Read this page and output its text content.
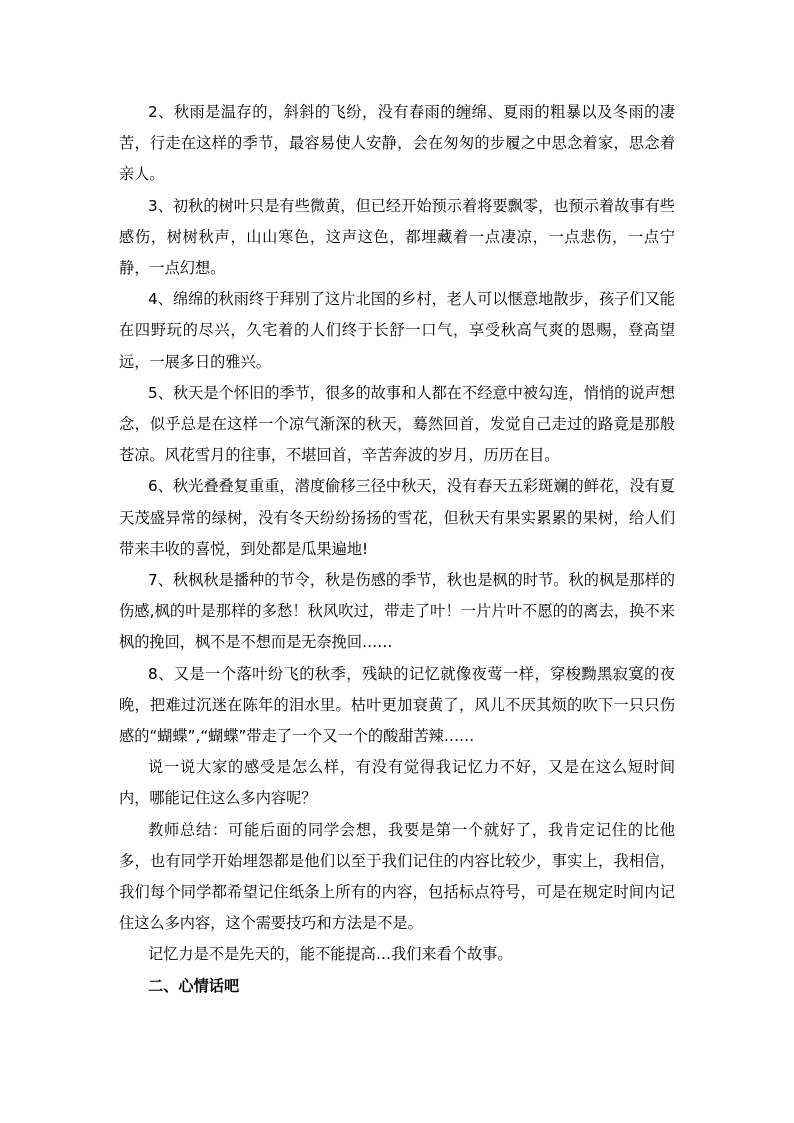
2、秋雨是温存的，斜斜的飞纷，没有春雨的缠绵、夏雨的粗暴以及冬雨的凄苦，行走在这样的季节，最容易使人安静，会在匆匆的步履之中思念着家，思念着亲人。

3、初秋的树叶只是有些微黄，但已经开始预示着将要飘零，也预示着故事有些感伤，树树秋声，山山寒色，这声这色，都埋藏着一点凄凉，一点悲伤，一点宁静，一点幻想。

4、绵绵的秋雨终于拜别了这片北国的乡村，老人可以惬意地散步，孩子们又能在四野玩的尽兴，久宅着的人们终于长舒一口气，享受秋高气爽的恩赐，登高望远，一展多日的雅兴。

5、秋天是个怀旧的季节，很多的故事和人都在不经意中被勾连，悄悄的说声想念，似乎总是在这样一个凉气渐深的秋天，蓦然回首，发觉自己走过的路竟是那般苍凉。风花雪月的往事，不堪回首，辛苦奔波的岁月，历历在目。

6、秋光叠叠复重重，潜度偷移三径中秋天，没有春天五彩斑斓的鲜花，没有夏天茂盛异常的绿树，没有冬天纷纷扬扬的雪花，但秋天有果实累累的果树，给人们带来丰收的喜悦，到处都是瓜果遍地!

7、秋枫秋是播种的节令，秋是伤感的季节，秋也是枫的时节。秋的枫是那样的伤感,枫的叶是那样的多愁！秋风吹过，带走了叶！一片片叶不愿的的离去，换不来枫的挽回，枫不是不想而是无奈挽回……

8、又是一个落叶纷飞的秋季，残缺的记忆就像夜莺一样，穿梭黝黑寂寞的夜晚，把难过沉迷在陈年的泪水里。枯叶更加衰黄了，风儿不厌其烦的吹下一只只伤感的“蝴蝶”,“蝴蝶”带走了一个又一个的酸甜苦辣……

说一说大家的感受是怎么样，有没有觉得我记忆力不好，又是在这么短时间内，哪能记住这么多内容呢？

教师总结：可能后面的同学会想，我要是第一个就好了，我肯定记住的比他多，也有同学开始埋怨都是他们以至于我们记住的内容比较少，事实上，我相信，我们每个同学都希望记住纸条上所有的内容，包括标点符号，可是在规定时间内记住这么多内容，这个需要技巧和方法是不是。

记忆力是不是先天的，能不能提高…我们来看个故事。

二、心情话吧
